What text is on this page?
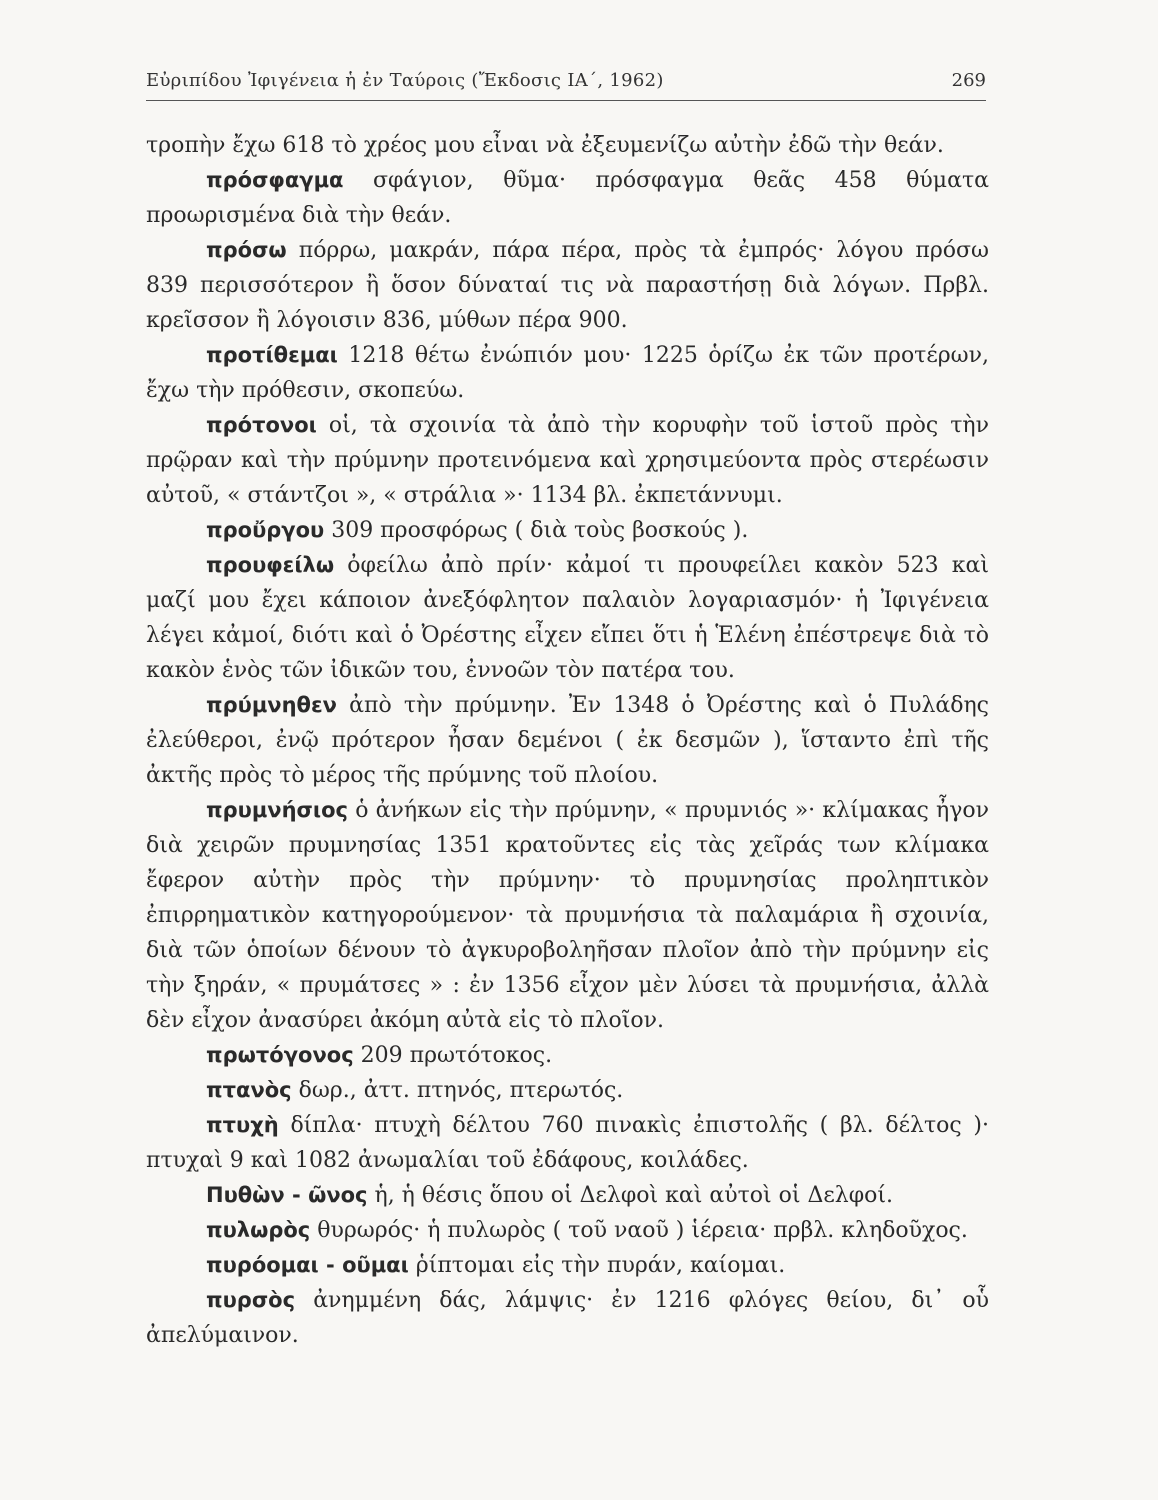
Εὐριπίδου Ἰφιγένεια ἡ ἐν Ταύροις (Ἔκδοσις ΙΑ΄, 1962)	269

τροπὴν ἔχω 618 τὸ χρέος μου εἶναι νὰ ἐξευμενίζω αὐτὴν ἐδῶ τὴν θεάν.

πρόσφαγμα σφάγιον, θῦμα· πρόσφαγμα θεᾶς 458 θύματα προωρισμένα διὰ τὴν θεάν.

πρόσω πόρρω, μακράν, πάρα πέρα, πρὸς τὰ ἐμπρός· λόγου πρόσω 839 περισσότερον ἢ ὅσον δύναταί τις νὰ παραστήσῃ διὰ λόγων. Πρβλ. κρεῖσσον ἢ λόγοισιν 836, μύθων πέρα 900.

προτίθεμαι 1218 θέτω ἐνώπιόν μου· 1225 ὁρίζω ἐκ τῶν προτέρων, ἔχω τὴν πρόθεσιν, σκοπεύω.

πρότονοι οἱ, τὰ σχοινία τὰ ἀπὸ τὴν κορυφὴν τοῦ ἱστοῦ πρὸς τὴν πρῷραν καὶ τὴν πρύμνην προτεινόμενα καὶ χρησιμεύοντα πρὸς στερέωσιν αὐτοῦ, « στάντζοι », « στράλια »· 1134 βλ. ἐκπετάννυμι.

προὔργου 309 προσφόρως ( διὰ τοὺς βοσκούς ).

προυφείλω ὀφείλω ἀπὸ πρίν· κἀμοί τι προυφείλει κακὸν 523 καὶ μαζί μου ἔχει κάποιον ἀνεξόφλητον παλαιὸν λογαριασμόν· ἡ Ἰφιγένεια λέγει κἀμοί, διότι καὶ ὁ Ὀρέστης εἶχεν εἴπει ὅτι ἡ Ἑλένη ἐπέστρεψε διὰ τὸ κακὸν ἑνὸς τῶν ἰδικῶν του, ἐννοῶν τὸν πατέρα του.

πρύμνηθεν ἀπὸ τὴν πρύμνην. Ἐν 1348 ὁ Ὀρέστης καὶ ὁ Πυλάδης ἐλεύθεροι, ἐνῷ πρότερον ἦσαν δεμένοι ( ἐκ δεσμῶν ), ἵσταντο ἐπὶ τῆς ἀκτῆς πρὸς τὸ μέρος τῆς πρύμνης τοῦ πλοίου.

πρυμνήσιος ὁ ἀνήκων εἰς τὴν πρύμνην, « πρυμνιός »· κλίμακας ἦγον διὰ χειρῶν πρυμνησίας 1351 κρατοῦντες εἰς τὰς χεῖράς των κλίμακα ἔφερον αὐτὴν πρὸς τὴν πρύμνην· τὸ πρυμνησίας προληπτικὸν ἐπιρρηματικὸν κατηγορούμενον· τὰ πρυμνήσια τὰ παλαμάρια ἢ σχοινία, διὰ τῶν ὁποίων δένουν τὸ ἀγκυροβοληῆσαν πλοῖον ἀπὸ τὴν πρύμνην εἰς τὴν ξηράν, « πρυμάτσες » : ἐν 1356 εἶχον μὲν λύσει τὰ πρυμνήσια, ἀλλὰ δὲν εἶχον ἀνασύρει ἀκόμη αὐτὰ εἰς τὸ πλοῖον.

πρωτόγονος 209 πρωτότοκος.

πτανὸς δωρ., ἀττ. πτηνός, πτερωτός.

πτυχὴ δίπλα· πτυχὴ δέλτου 760 πινακὶς ἐπιστολῆς ( βλ. δέλτος )· πτυχαὶ 9 καὶ 1082 ἀνωμαλίαι τοῦ ἐδάφους, κοιλάδες.

Πυθὼν - ῶνος ἡ, ἡ θέσις ὅπου οἱ Δελφοὶ καὶ αὐτοὶ οἱ Δελφοί.

πυλωρὸς θυρωρός· ἡ πυλωρὸς ( τοῦ ναοῦ ) ἱέρεια· πρβλ. κληδοῦχος.

πυρόομαι - οῦμαι ῥίπτομαι εἰς τὴν πυράν, καίομαι.

πυρσὸς ἀνημμένη δάς, λάμψις· ἐν 1216 φλόγες θείου, δι᾽ οὗ ἀπελύμαινον.
